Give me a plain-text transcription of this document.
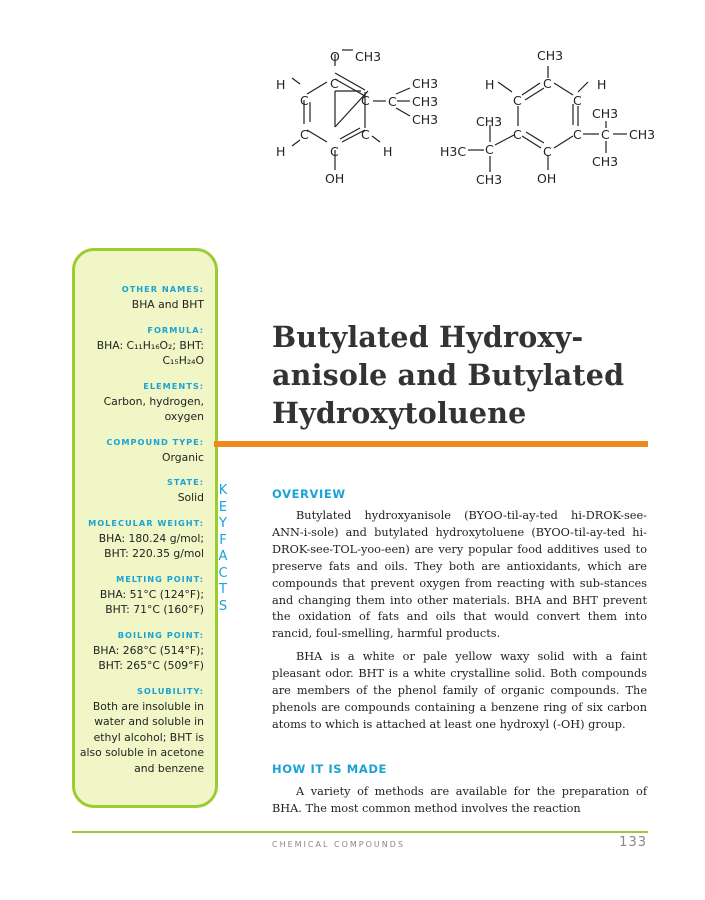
O CH3
C
C	C
C	C
C
H
H	H
OH
C
CH3
CH3
CH3
CH3
C
C	C
C	C
C
H	H
OH
C
CH3
H3C
CH3
C
CH3
CH3
CH3
OTHER NAMES:
BHA and BHT
FORMULA:
BHA: C₁₁H₁₆O₂; BHT: C₁₅H₂₄O
ELEMENTS:
Carbon, hydrogen, oxygen
COMPOUND TYPE:
Organic
STATE:
Solid
MOLECULAR WEIGHT:
BHA: 180.24 g/mol; BHT: 220.35 g/mol
MELTING POINT:
BHA: 51°C (124°F); BHT: 71°C (160°F)
BOILING POINT:
BHA: 268°C (514°F); BHT: 265°C (509°F)
SOLUBILITY:
Both are insoluble in water and soluble in ethyl alcohol; BHT is also soluble in acetone and benzene
KEY FACTS
Butylated Hydroxy-anisole and Butylated Hydroxytoluene
OVERVIEW

Butylated hydroxyanisole (BYOO-til-ay-ted hi-DROK-see-ANN-i-sole) and butylated hydroxytoluene (BYOO-til-ay-ted hi-DROK-see-TOL-yoo-een) are very popular food additives used to preserve fats and oils. They both are antioxidants, which are compounds that prevent oxygen from reacting with sub-stances and changing them into other materials. BHA and BHT prevent the oxidation of fats and oils that would convert them into rancid, foul-smelling, harmful products.

BHA is a white or pale yellow waxy solid with a faint pleasant odor. BHT is a white crystalline solid. Both compounds are members of the phenol family of organic compounds. The phenols are compounds containing a benzene ring of six carbon atoms to which is attached at least one hydroxyl (-OH) group.

HOW IT IS MADE

A variety of methods are available for the preparation of BHA. The most common method involves the reaction

CHEMICAL COMPOUNDS	133
